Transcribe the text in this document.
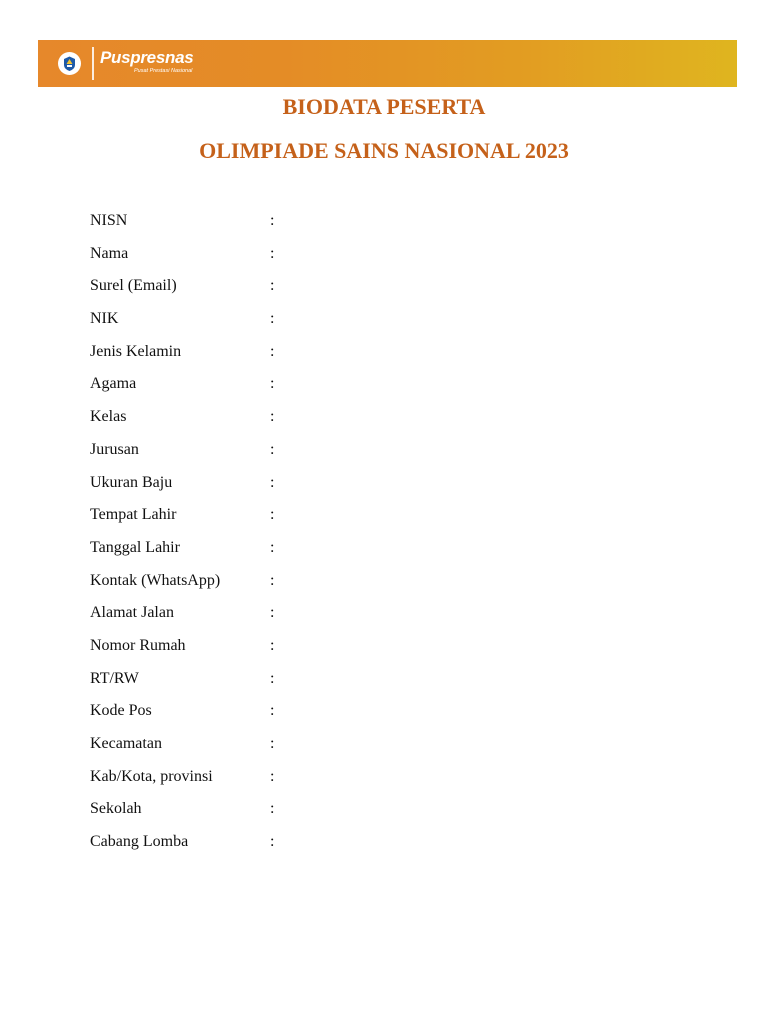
Puspresnas
Pusat Prestasi Nasional
BIODATA PESERTA
OLIMPIADE SAINS NASIONAL 2023
NISN	:
Nama	:
Surel (Email)	:
NIK	:
Jenis Kelamin	:
Agama	:
Kelas	:
Jurusan	:
Ukuran Baju	:
Tempat Lahir	:
Tanggal Lahir	:
Kontak (WhatsApp)	:
Alamat Jalan	:
Nomor Rumah	:
RT/RW	:
Kode Pos	:
Kecamatan	:
Kab/Kota, provinsi	:
Sekolah	:
Cabang Lomba	:
